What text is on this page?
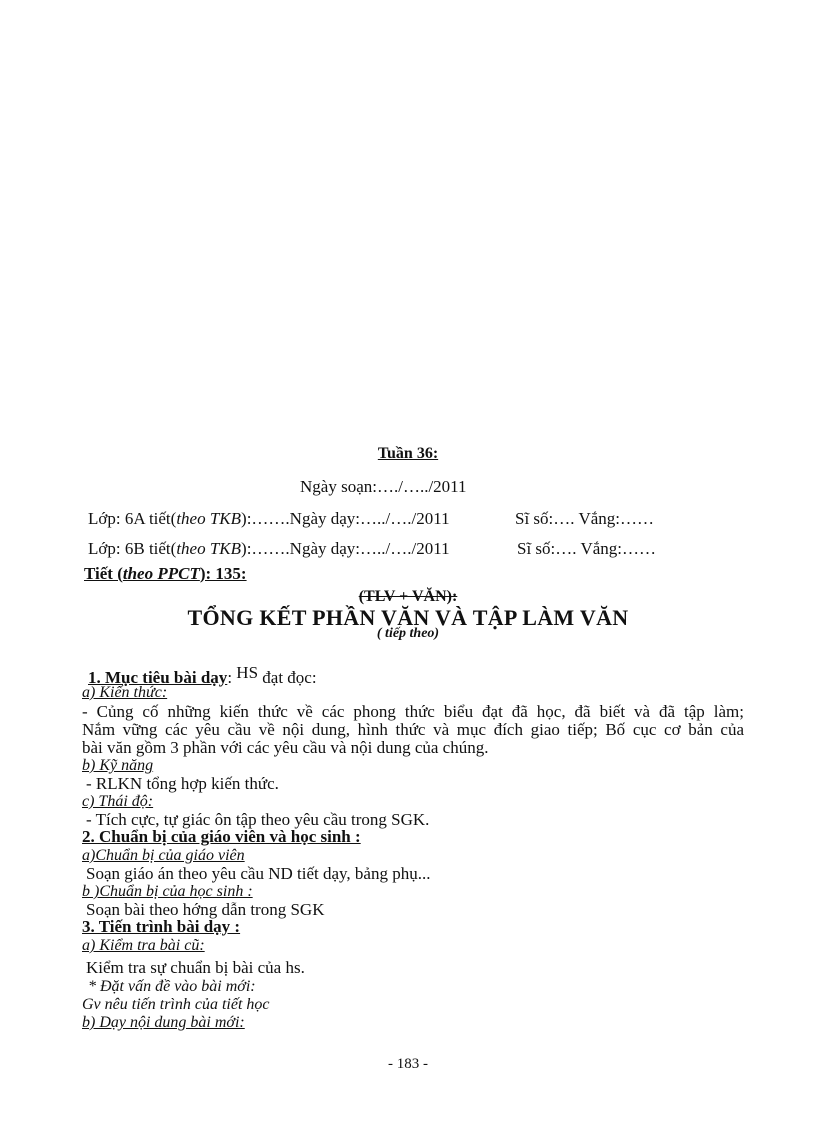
Tuần 36:
Ngày soạn:…./…../2011
Lớp: 6A tiết(theo TKB):…….Ngày dạy:…../…./2011	Sĩ số:…. Vắng:……
Lớp: 6B tiết(theo TKB):…….Ngày dạy:…../…./2011	Sĩ số:…. Vắng:……
Tiết (theo PPCT): 135:
(TLV + VĂN):
TỔNG KẾT PHẦN VĂN VÀ TẬP LÀM VĂN
( tiếp theo)
1. Mục tiêu bài dạy: HS đạt đọc:
a) Kiến thức:
- Củng cố những kiến thức về các phong thức biểu đạt đã học, đã biết và đã tập làm;
Nắm vững các yêu cầu về nội dung, hình thức và mục đích giao tiếp; Bố cục cơ bản của
bài văn gồm 3 phần với các yêu cầu và nội dung của chúng.
b) Kỹ năng
- RLKN tổng hợp kiến thức.
c) Thái độ:
- Tích cực, tự giác ôn tập theo yêu cầu trong SGK.
2. Chuẩn bị của giáo viên và học sinh :
a)Chuẩn bị của giáo viên
Soạn giáo án theo yêu cầu ND tiết dạy, bảng phụ...
b )Chuẩn bị của học sinh :
Soạn bài theo hớng dẫn trong SGK
3. Tiến trình bài dạy :
a) Kiểm tra bài cũ:
Kiểm tra sự chuẩn bị bài của hs.
* Đặt vấn đề vào bài mới:
Gv nêu tiến trình của tiết học
b) Dạy nội dung bài mới:
- 183 -
